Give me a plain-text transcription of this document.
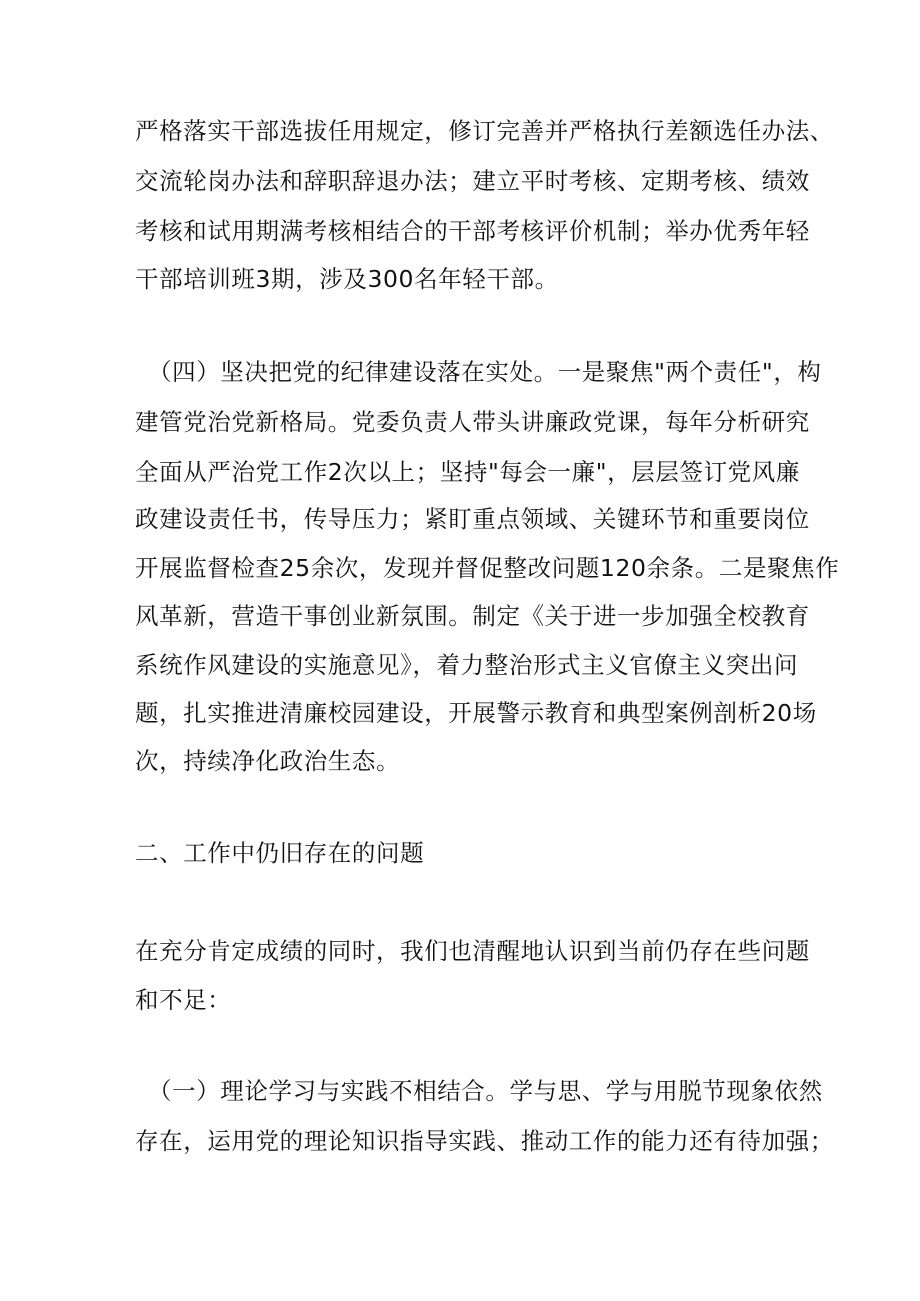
严格落实干部选拔任用规定，修订完善并严格执行差额选任办法、
交流轮岗办法和辞职辞退办法；建立平时考核、定期考核、绩效
考核和试用期满考核相结合的干部考核评价机制；举办优秀年轻
干部培训班3期，涉及300名年轻干部。
（四）坚决把党的纪律建设落在实处。一是聚焦"两个责任"，构
建管党治党新格局。党委负责人带头讲廉政党课，每年分析研究
全面从严治党工作2次以上；坚持"每会一廉"，层层签订党风廉
政建设责任书，传导压力；紧盯重点领域、关键环节和重要岗位
开展监督检查25余次，发现并督促整改问题120余条。二是聚焦作
风革新，营造干事创业新氛围。制定《关于进一步加强全校教育
系统作风建设的实施意见》，着力整治形式主义官僚主义突出问
题，扎实推进清廉校园建设，开展警示教育和典型案例剖析20场
次，持续净化政治生态。
二、工作中仍旧存在的问题
在充分肯定成绩的同时，我们也清醒地认识到当前仍存在些问题
和不足：
（一）理论学习与实践不相结合。学与思、学与用脱节现象依然
存在，运用党的理论知识指导实践、推动工作的能力还有待加强；
